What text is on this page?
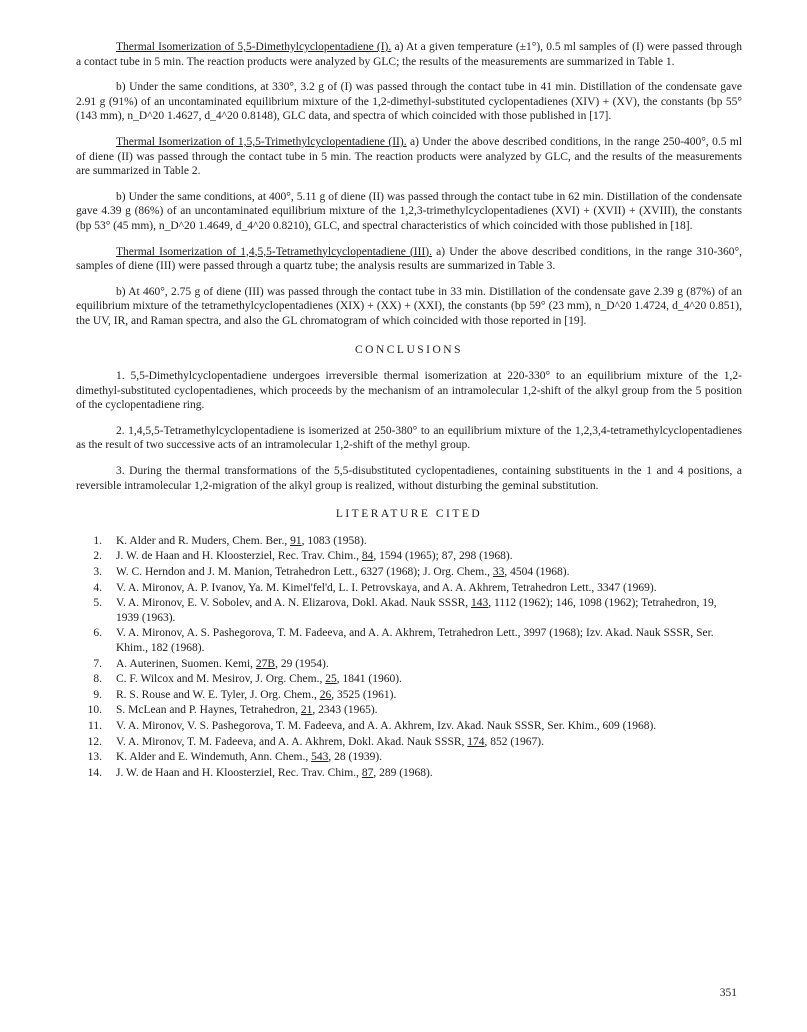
Thermal Isomerization of 5,5-Dimethylcyclopentadiene (I). a) At a given temperature (±1°), 0.5 ml samples of (I) were passed through a contact tube in 5 min. The reaction products were analyzed by GLC; the results of the measurements are summarized in Table 1.

b) Under the same conditions, at 330°, 3.2 g of (I) was passed through the contact tube in 41 min. Distillation of the condensate gave 2.91 g (91%) of an uncontaminated equilibrium mixture of the 1,2-dimethyl-substituted cyclopentadienes (XIV) + (XV), the constants (bp 55° (143 mm), n_D^20 1.4627, d_4^20 0.8148), GLC data, and spectra of which coincided with those published in [17].

Thermal Isomerization of 1,5,5-Trimethylcyclopentadiene (II). a) Under the above described conditions, in the range 250-400°, 0.5 ml of diene (II) was passed through the contact tube in 5 min. The reaction products were analyzed by GLC, and the results of the measurements are summarized in Table 2.

b) Under the same conditions, at 400°, 5.11 g of diene (II) was passed through the contact tube in 62 min. Distillation of the condensate gave 4.39 g (86%) of an uncontaminated equilibrium mixture of the 1,2,3-trimethylcyclopentadienes (XVI) + (XVII) + (XVIII), the constants (bp 53° (45 mm), n_D^20 1.4649, d_4^20 0.8210), GLC, and spectral characteristics of which coincided with those published in [18].

Thermal Isomerization of 1,4,5,5-Tetramethylcyclopentadiene (III). a) Under the above described conditions, in the range 310-360°, samples of diene (III) were passed through a quartz tube; the analysis results are summarized in Table 3.

b) At 460°, 2.75 g of diene (III) was passed through the contact tube in 33 min. Distillation of the condensate gave 2.39 g (87%) of an equilibrium mixture of the tetramethylcyclopentadienes (XIX) + (XX) + (XXI), the constants (bp 59° (23 mm), n_D^20 1.4724, d_4^20 0.851), the UV, IR, and Raman spectra, and also the GL chromatogram of which coincided with those reported in [19].

CONCLUSIONS

1. 5,5-Dimethylcyclopentadiene undergoes irreversible thermal isomerization at 220-330° to an equilibrium mixture of the 1,2-dimethyl-substituted cyclopentadienes, which proceeds by the mechanism of an intramolecular 1,2-shift of the alkyl group from the 5 position of the cyclopentadiene ring.

2. 1,4,5,5-Tetramethylcyclopentadiene is isomerized at 250-380° to an equilibrium mixture of the 1,2,3,4-tetramethylcyclopentadienes as the result of two successive acts of an intramolecular 1,2-shift of the methyl group.

3. During the thermal transformations of the 5,5-disubstituted cyclopentadienes, containing substituents in the 1 and 4 positions, a reversible intramolecular 1,2-migration of the alkyl group is realized, without disturbing the geminal substitution.

LITERATURE CITED
1 . K. Alder and R. Muders, Chem. Ber., 91, 1083 (1958).
2 . J. W. de Haan and H. Kloosterziel, Rec. Trav. Chim., 84, 1594 (1965); 87, 298 (1968).
3 . W. C. Herndon and J. M. Manion, Tetrahedron Lett., 6327 (1968); J. Org. Chem., 33, 4504 (1968).
4 . V. A. Mironov, A. P. Ivanov, Ya. M. Kimel'fel'd, L. I. Petrovskaya, and A. A. Akhrem, Tetrahedron Lett., 3347 (1969).
5 . V. A. Mironov, E. V. Sobolev, and A. N. Elizarova, Dokl. Akad. Nauk SSSR, 143, 1112 (1962); 146, 1098 (1962); Tetrahedron, 19, 1939 (1963).
6 . V. A. Mironov, A. S. Pashegorova, T. M. Fadeeva, and A. A. Akhrem, Tetrahedron Lett., 3997 (1968); Izv. Akad. Nauk SSSR, Ser. Khim., 182 (1968).
7 . A. Auterinen, Suomen. Kemi, 27B, 29 (1954).
8 . C. F. Wilcox and M. Mesirov, J. Org. Chem., 25, 1841 (1960).
9 . R. S. Rouse and W. E. Tyler, J. Org. Chem., 26, 3525 (1961).
10 . S. McLean and P. Haynes, Tetrahedron, 21, 2343 (1965).
11 . V. A. Mironov, V. S. Pashegorova, T. M. Fadeeva, and A. A. Akhrem, Izv. Akad. Nauk SSSR, Ser. Khim., 609 (1968).
12 . V. A. Mironov, T. M. Fadeeva, and A. A. Akhrem, Dokl. Akad. Nauk SSSR, 174, 852 (1967).
13 . K. Alder and E. Windemuth, Ann. Chem., 543, 28 (1939).
14 . J. W. de Haan and H. Kloosterziel, Rec. Trav. Chim., 87, 289 (1968).
351
